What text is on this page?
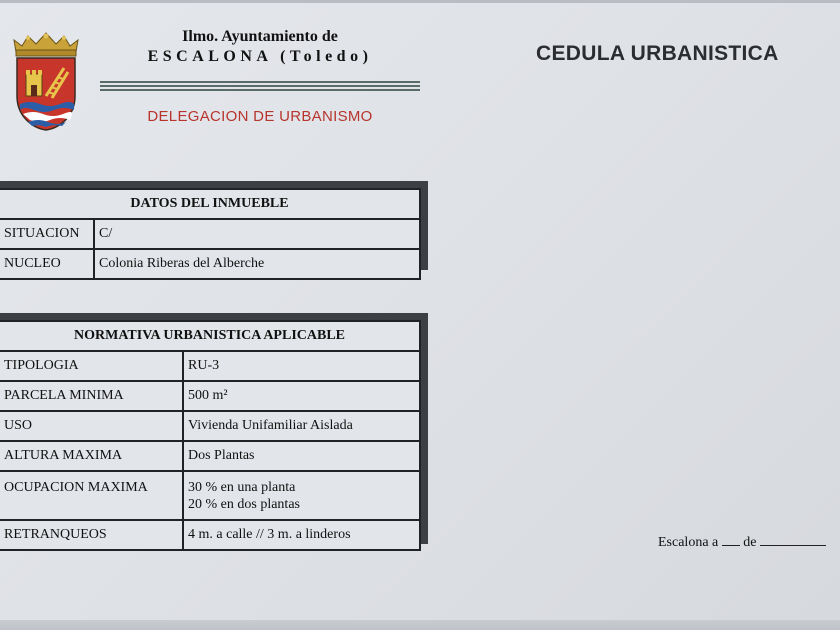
Ilmo. Ayuntamiento de
ESCALONA (Toledo)
DELEGACION DE URBANISMO
CEDULA URBANISTICA
DATOS DEL INMUEBLE	
SITUACION	C/
NUCLEO	Colonia Riberas del Alberche
NORMATIVA URBANISTICA APLICABLE	
TIPOLOGIA	RU-3
PARCELA MINIMA	500 m²
USO	Vivienda Unifamiliar Aislada
ALTURA MAXIMA	Dos Plantas
OCUPACION MAXIMA	30 % en una planta
20 % en dos plantas

RETRANQUEOS	4 m. a calle // 3 m. a linderos
Escalona a de
